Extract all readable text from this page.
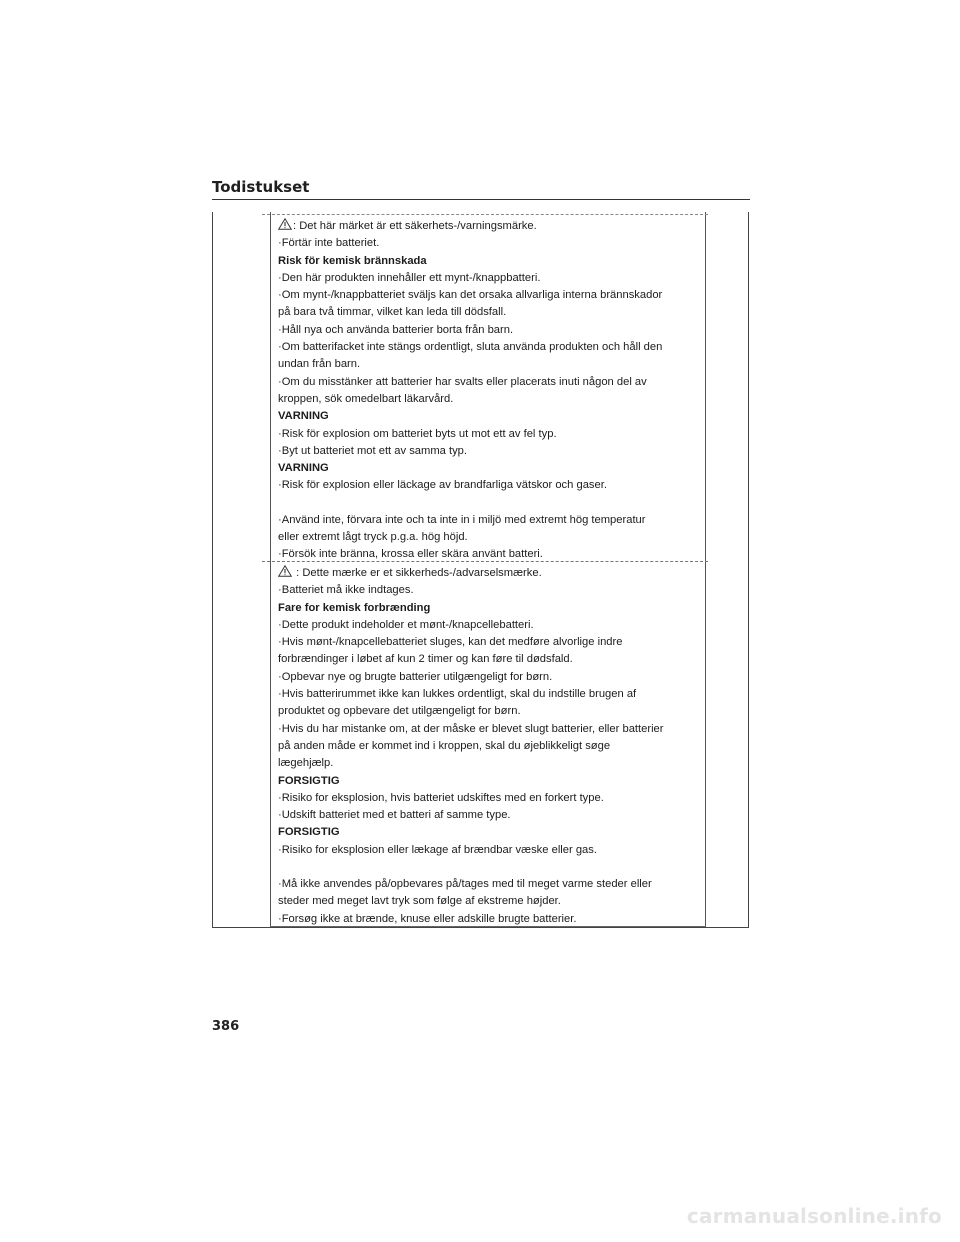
Todistukset

: Det här märket är ett säkerhets-/varningsmärke.

·Förtär inte batteriet.

Risk för kemisk brännskada

·Den här produkten innehåller ett mynt-/knappbatteri.

·Om mynt-/knappbatteriet sväljs kan det orsaka allvarliga interna brännskador

på bara två timmar, vilket kan leda till dödsfall.

·Håll nya och använda batterier borta från barn.

·Om batterifacket inte stängs ordentligt, sluta använda produkten och håll den

undan från barn.

·Om du misstänker att batterier har svalts eller placerats inuti någon del av

kroppen, sök omedelbart läkarvård.

VARNING

·Risk för explosion om batteriet byts ut mot ett av fel typ.

·Byt ut batteriet mot ett av samma typ.

VARNING

·Risk för explosion eller läckage av brandfarliga vätskor och gaser.

·Använd inte, förvara inte och ta inte in i miljö med extremt hög temperatur

eller extremt lågt tryck p.g.a. hög höjd.

·Försök inte bränna, krossa eller skära använt batteri.

: Dette mærke er et sikkerheds-/advarselsmærke.

·Batteriet må ikke indtages.

Fare for kemisk forbrænding

·Dette produkt indeholder et mønt-/knapcellebatteri.

·Hvis mønt-/knapcellebatteriet sluges, kan det medføre alvorlige indre

forbrændinger i løbet af kun 2 timer og kan føre til dødsfald.

·Opbevar nye og brugte batterier utilgængeligt for børn.

·Hvis batterirummet ikke kan lukkes ordentligt, skal du indstille brugen af

produktet og opbevare det utilgængeligt for børn.

·Hvis du har mistanke om, at der måske er blevet slugt batterier, eller batterier

på anden måde er kommet ind i kroppen, skal du øjeblikkeligt søge

lægehjælp.

FORSIGTIG

·Risiko for eksplosion, hvis batteriet udskiftes med en forkert type.

·Udskift batteriet med et batteri af samme type.

FORSIGTIG

·Risiko for eksplosion eller lækage af brændbar væske eller gas.

·Må ikke anvendes på/opbevares på/tages med til meget varme steder eller

steder med meget lavt tryk som følge af ekstreme højder.

·Forsøg ikke at brænde, knuse eller adskille brugte batterier.

386
carmanualsonline.info
